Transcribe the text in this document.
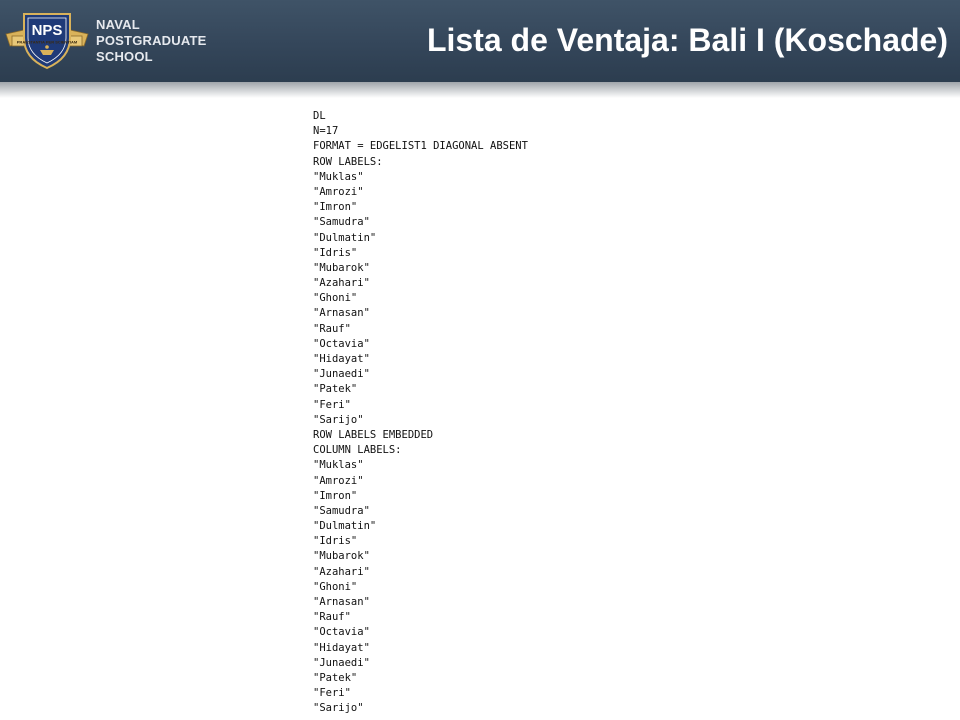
NPS
PRAESTANTIA PER SCIENTIAM
NAVAL
POSTGRADUATE
SCHOOL	Lista de Ventaja: Bali I (Koschade)
DL
N=17
FORMAT = EDGELIST1 DIAGONAL ABSENT
ROW LABELS:
"Muklas"
"Amrozi"
"Imron"
"Samudra"
"Dulmatin"
"Idris"
"Mubarok"
"Azahari"
"Ghoni"
"Arnasan"
"Rauf"
"Octavia"
"Hidayat"
"Junaedi"
"Patek"
"Feri"
"Sarijo"
ROW LABELS EMBEDDED
COLUMN LABELS:
"Muklas"
"Amrozi"
"Imron"
"Samudra"
"Dulmatin"
"Idris"
"Mubarok"
"Azahari"
"Ghoni"
"Arnasan"
"Rauf"
"Octavia"
"Hidayat"
"Junaedi"
"Patek"
"Feri"
"Sarijo"
